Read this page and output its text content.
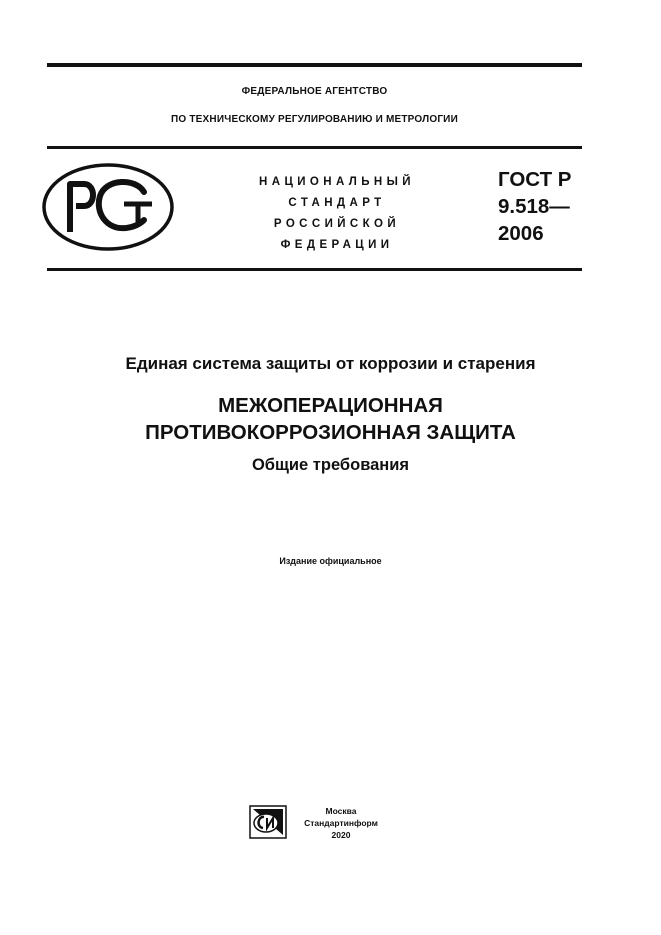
ФЕДЕРАЛЬНОЕ АГЕНТСТВО
ПО ТЕХНИЧЕСКОМУ РЕГУЛИРОВАНИЮ И МЕТРОЛОГИИ
НАЦИОНАЛЬНЫЙ
СТАНДАРТ
РОССИЙСКОЙ
ФЕДЕРАЦИИ
ГОСТ Р
9.518—
2006
Единая система защиты от коррозии и старения
МЕЖОПЕРАЦИОННАЯ
ПРОТИВОКОРРОЗИОННАЯ ЗАЩИТА
Общие требования
Издание официальное
Москва
Стандартинформ
2020
